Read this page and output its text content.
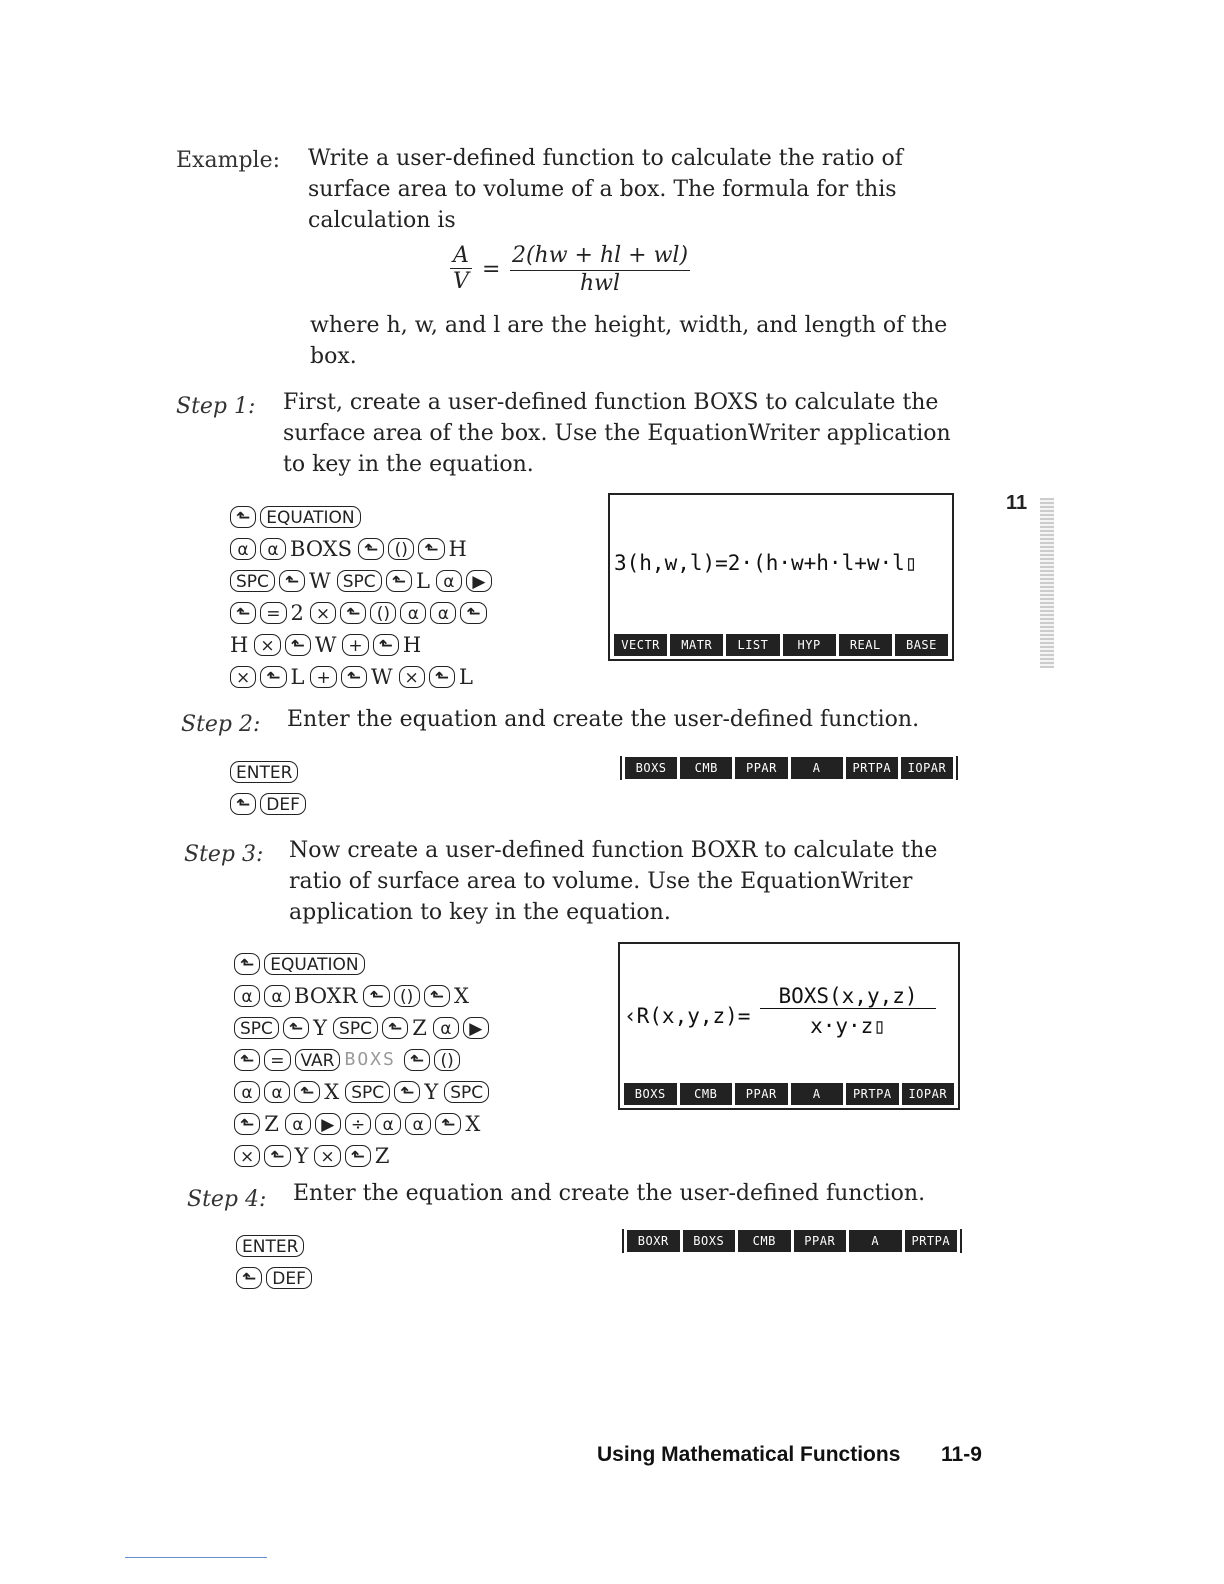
Example: Write a user-defined function to calculate the ratio of
surface area to volume of a box. The formula for this
calculation is
$\frac{A}{V}$ =
2(hw + hl + wl)
hwl
where h, w, and l are the height, width, and length of the
box.
Step 1: First, create a user-defined function BOXS to calculate the
surface area of the box. Use the EquationWriter application
to key in the equation.
⬑ EQUATION
α α BOXS ⬑ () ⬑ H
SPC ⬑ W SPC ⬑ L α ▶
⬑ = 2 × ⬑ () α α ⬑
H × ⬑ W + ⬑ H
× ⬑ L + ⬑ W × ⬑ L
3(h,w,l)=2·(h·w+h·l+w·l▯
VECTR	MATR	LIST	HYP	REAL	BASE
11
Step 2: Enter the equation and create the user-defined function.
ENTER
⬑ DEF
BOXS	CMB	PPAR	A	PRTPA	IOPAR
Step 3: Now create a user-defined function BOXR to calculate the
ratio of surface area to volume. Use the EquationWriter
application to key in the equation.
⬑ EQUATION
α α BOXR ⬑ () ⬑ X
SPC ⬑ Y SPC ⬑ Z α ▶
⬑ = VAR BOXS ⬑ ()
α α ⬑ X SPC ⬑ Y SPC
⬑ Z α ▶ ÷ α α ⬑ X
× ⬑ Y × ⬑ Z
‹R(x,y,z)=
BOXS(x,y,z)
x·y·z▯
BOXS	CMB	PPAR	A	PRTPA	IOPAR
Step 4: Enter the equation and create the user-defined function.
ENTER
⬑ DEF
BOXR	BOXS	CMB	PPAR	A	PRTPA
Using Mathematical Functions 11-9
